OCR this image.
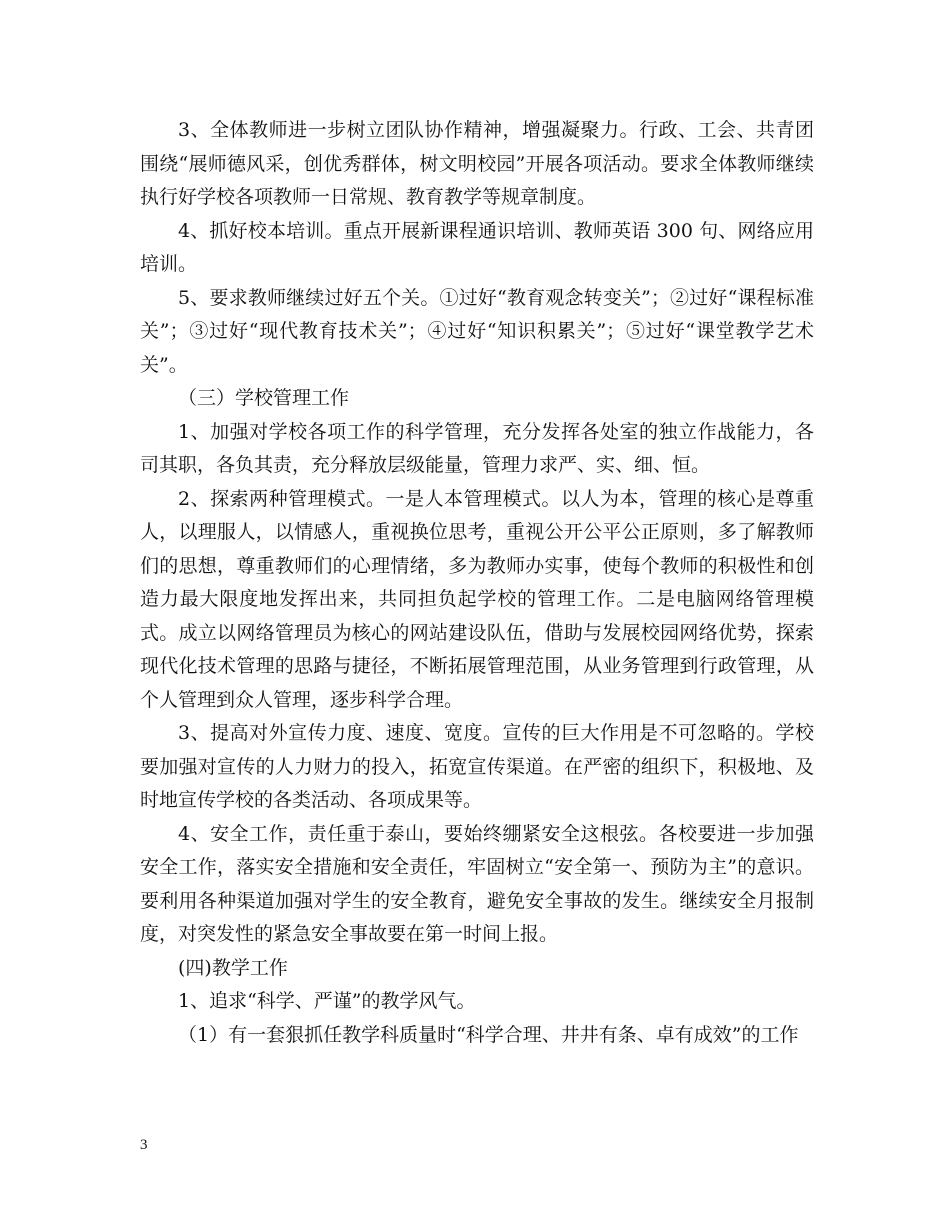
3、全体教师进一步树立团队协作精神，增强凝聚力。行政、工会、共青团围绕“展师德风采，创优秀群体，树文明校园”开展各项活动。要求全体教师继续执行好学校各项教师一日常规、教育教学等规章制度。

4、抓好校本培训。重点开展新课程通识培训、教师英语 300 句、网络应用培训。

5、要求教师继续过好五个关。①过好“教育观念转变关”；②过好“课程标准关”；③过好“现代教育技术关”；④过好“知识积累关”；⑤过好“课堂教学艺术关”。

（三）学校管理工作

1、加强对学校各项工作的科学管理，充分发挥各处室的独立作战能力，各司其职，各负其责，充分释放层级能量，管理力求严、实、细、恒。

2、探索两种管理模式。一是人本管理模式。以人为本，管理的核心是尊重人，以理服人，以情感人，重视换位思考，重视公开公平公正原则，多了解教师们的思想，尊重教师们的心理情绪，多为教师办实事，使每个教师的积极性和创造力最大限度地发挥出来，共同担负起学校的管理工作。二是电脑网络管理模式。成立以网络管理员为核心的网站建设队伍，借助与发展校园网络优势，探索现代化技术管理的思路与捷径，不断拓展管理范围，从业务管理到行政管理，从个人管理到众人管理，逐步科学合理。

3、提高对外宣传力度、速度、宽度。宣传的巨大作用是不可忽略的。学校要加强对宣传的人力财力的投入，拓宽宣传渠道。在严密的组织下，积极地、及时地宣传学校的各类活动、各项成果等。

4、安全工作，责任重于泰山，要始终绷紧安全这根弦。各校要进一步加强安全工作，落实安全措施和安全责任，牢固树立“安全第一、预防为主”的意识。要利用各种渠道加强对学生的安全教育，避免安全事故的发生。继续安全月报制度，对突发性的紧急安全事故要在第一时间上报。

(四)教学工作

1、追求“科学、严谨”的教学风气。

（1）有一套狠抓任教学科质量时“科学合理、井井有条、卓有成效”的工作

3
